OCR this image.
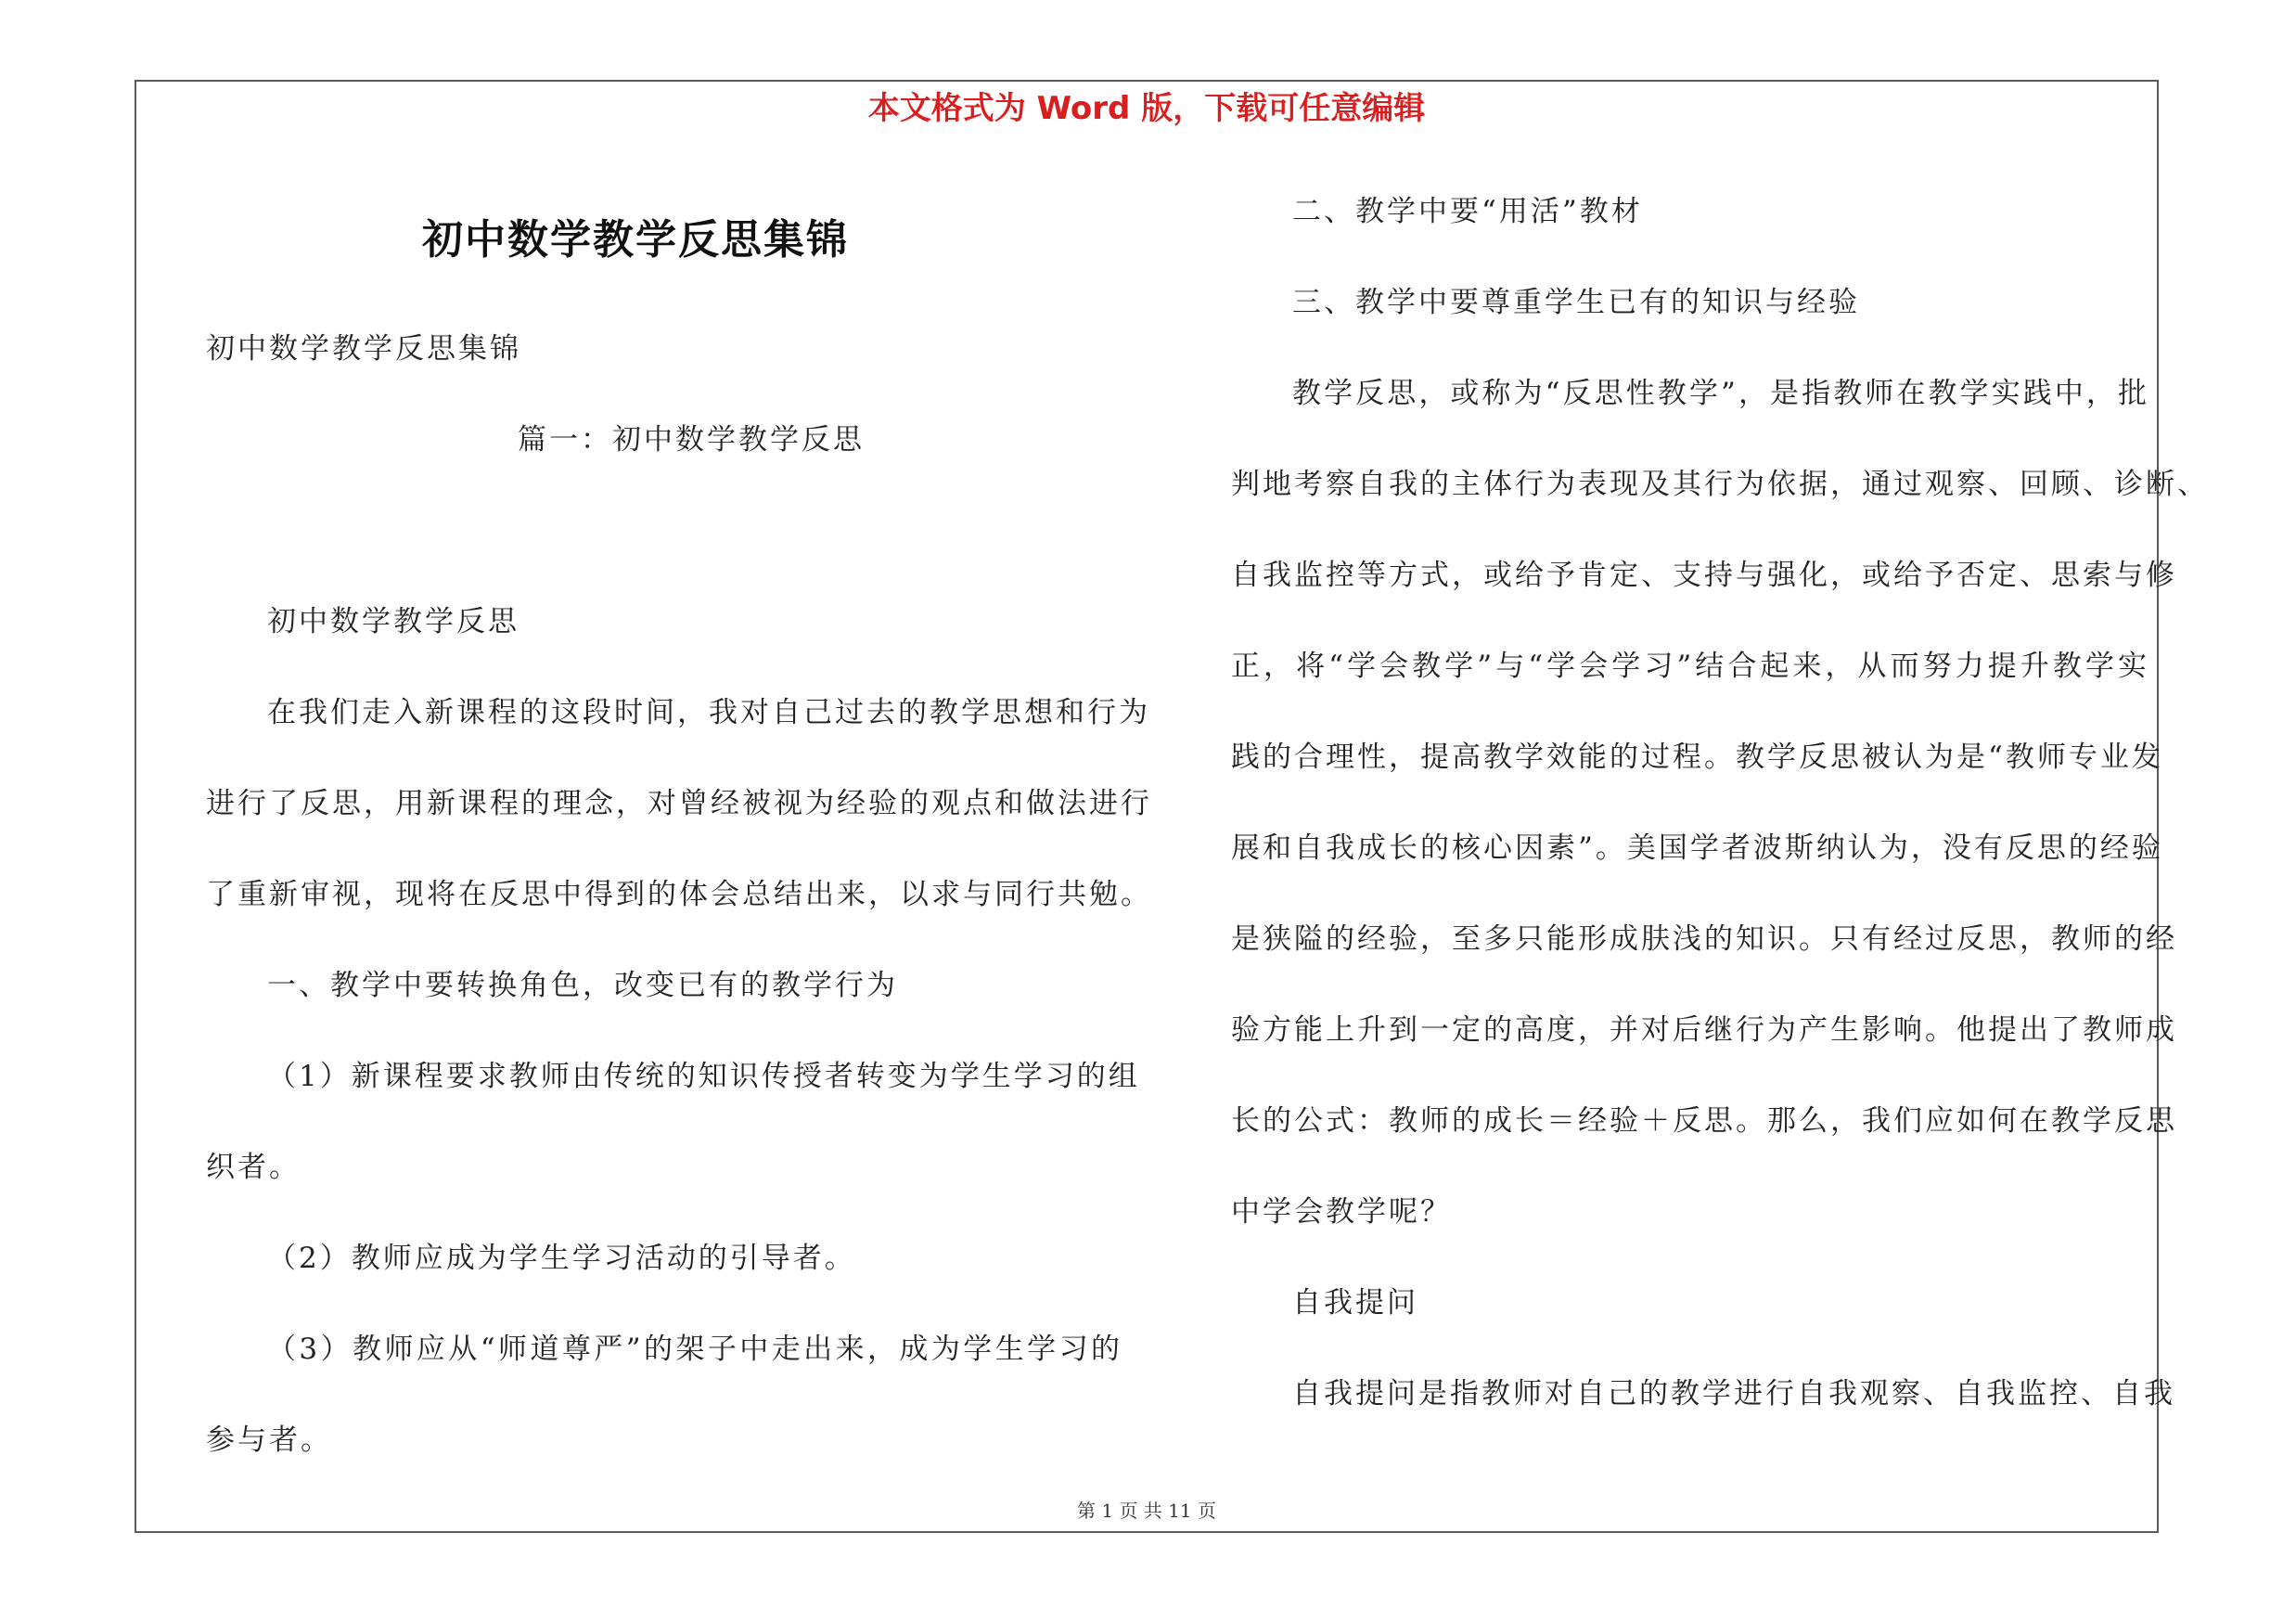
本文格式为 Word 版，下载可任意编辑
初中数学教学反思集锦
初中数学教学反思集锦
篇一：初中数学教学反思
初中数学教学反思
在我们走入新课程的这段时间，我对自己过去的教学思想和行为
进行了反思，用新课程的理念，对曾经被视为经验的观点和做法进行
了重新审视，现将在反思中得到的体会总结出来，以求与同行共勉。
一、教学中要转换角色，改变已有的教学行为
（1）新课程要求教师由传统的知识传授者转变为学生学习的组
织者。
（2）教师应成为学生学习活动的引导者。
（3）教师应从“师道尊严”的架子中走出来，成为学生学习的
参与者。
二、教学中要“用活”教材
三、教学中要尊重学生已有的知识与经验
教学反思，或称为“反思性教学”，是指教师在教学实践中，批
判地考察自我的主体行为表现及其行为依据，通过观察、回顾、诊断、
自我监控等方式，或给予肯定、支持与强化，或给予否定、思索与修
正，将“学会教学”与“学会学习”结合起来，从而努力提升教学实
践的合理性，提高教学效能的过程。教学反思被认为是“教师专业发
展和自我成长的核心因素”。美国学者波斯纳认为，没有反思的经验
是狭隘的经验，至多只能形成肤浅的知识。只有经过反思，教师的经
验方能上升到一定的高度，并对后继行为产生影响。他提出了教师成
长的公式：教师的成长＝经验＋反思。那么，我们应如何在教学反思
中学会教学呢？
自我提问
自我提问是指教师对自己的教学进行自我观察、自我监控、自我
第 1 页 共 11 页
